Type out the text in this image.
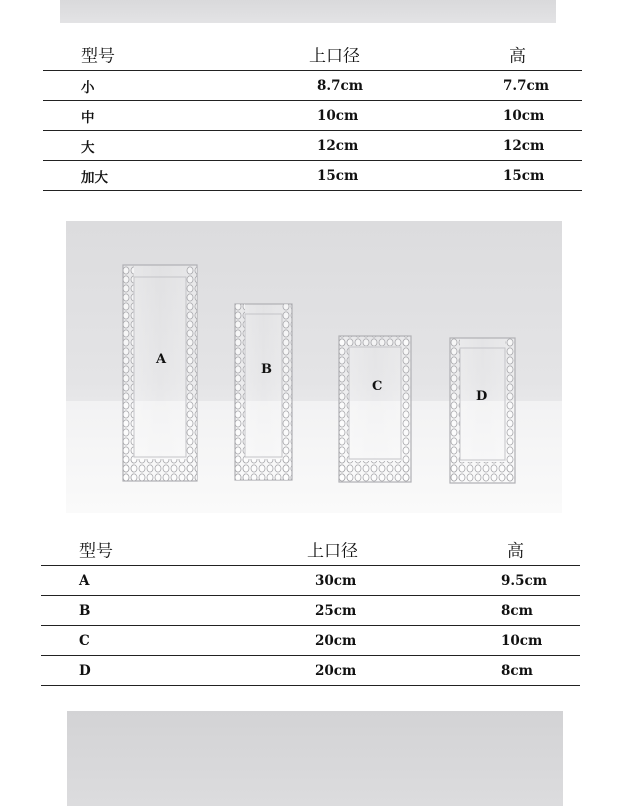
型号	上口径	高
小	8.7cm	7.7cm
中	10cm	10cm
大	12cm	12cm
加大	15cm	15cm
A
B
C
D
型号	上口径	高
A	30cm	9.5cm
B	25cm	8cm
C	20cm	10cm
D	20cm	8cm
